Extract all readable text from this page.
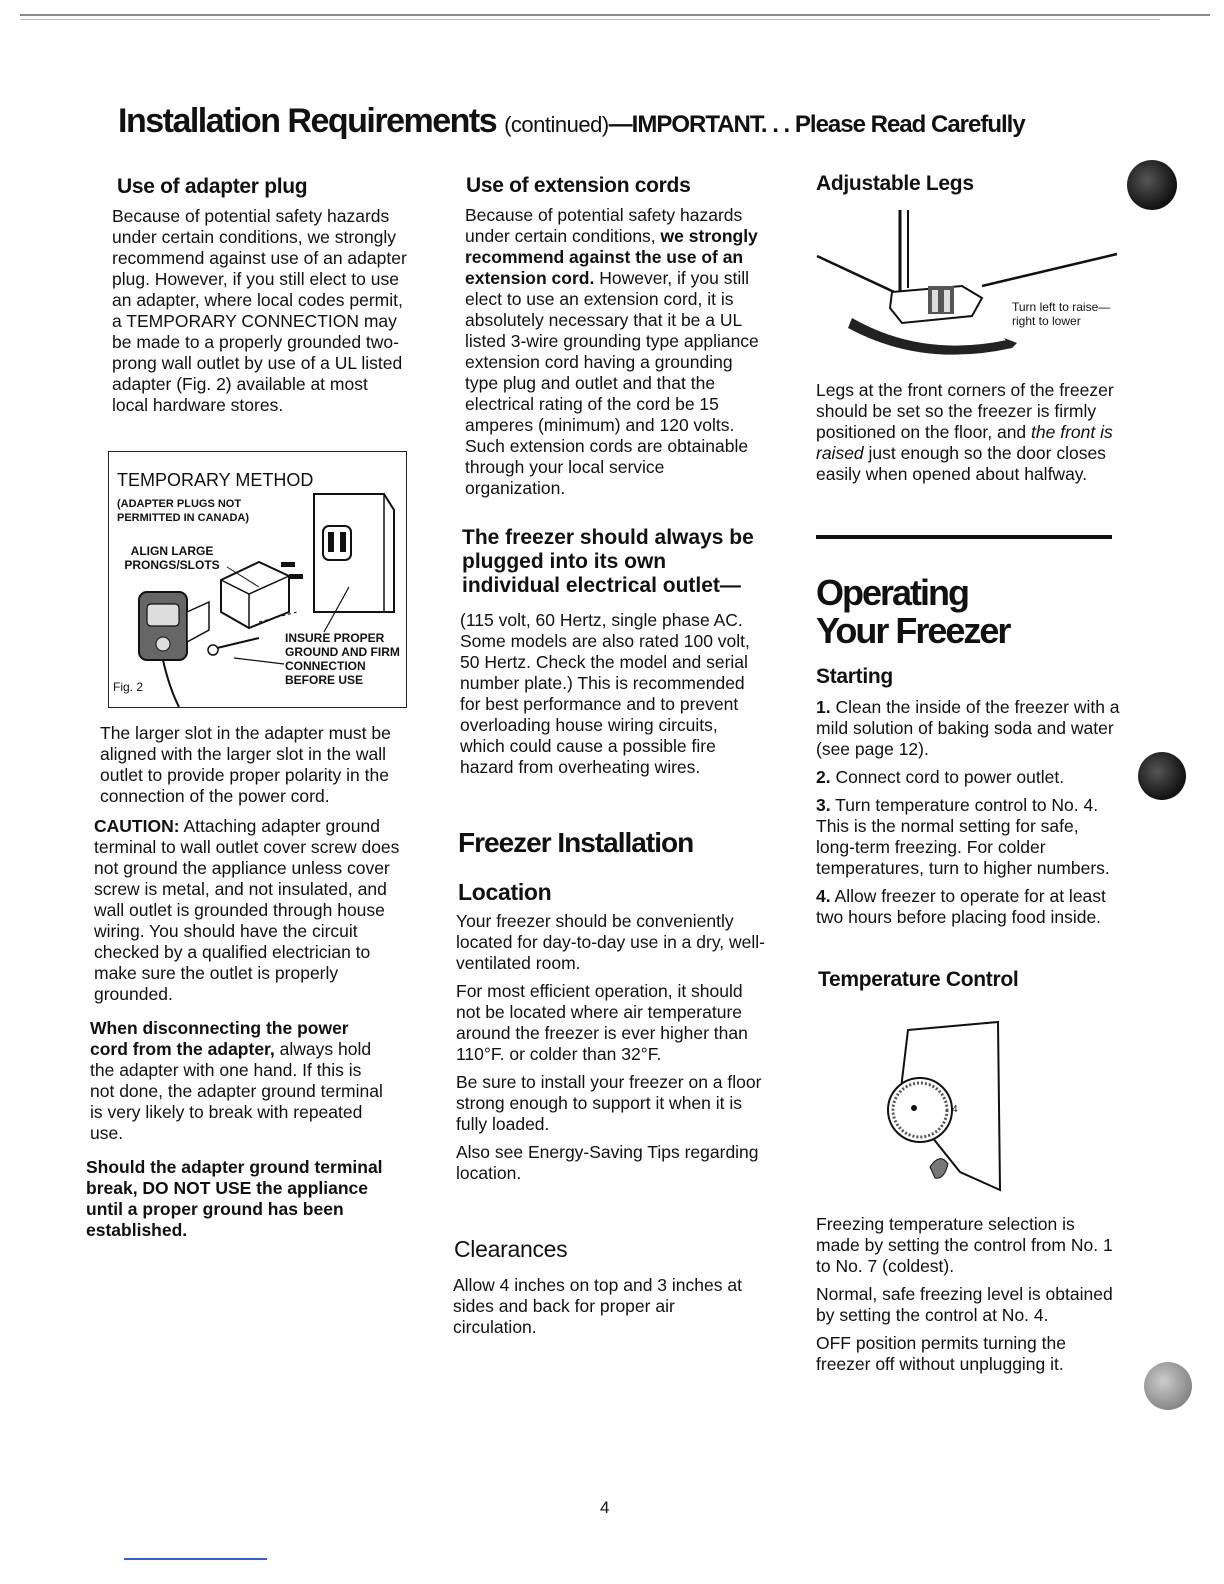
Installation Requirements (continued)—IMPORTANT. . . Please Read Carefully
Use of adapter plug
Because of potential safety hazards under certain conditions, we strongly recommend against use of an adapter plug. However, if you still elect to use an adapter, where local codes permit, a TEMPORARY CONNECTION may be made to a properly grounded two-prong wall outlet by use of a UL listed adapter (Fig. 2) available at most local hardware stores.
TEMPORARY METHOD
(ADAPTER PLUGS NOT PERMITTED IN CANADA)
ALIGN LARGE PRONGS/SLOTS
INSURE PROPER GROUND AND FIRM CONNECTION BEFORE USE
Fig. 2
The larger slot in the adapter must be aligned with the larger slot in the wall outlet to provide proper polarity in the connection of the power cord.
CAUTION: Attaching adapter ground terminal to wall outlet cover screw does not ground the appliance unless cover screw is metal, and not insulated, and wall outlet is grounded through house wiring. You should have the circuit checked by a qualified electrician to make sure the outlet is properly grounded.
When disconnecting the power cord from the adapter, always hold the adapter with one hand. If this is not done, the adapter ground terminal is very likely to break with repeated use.
Should the adapter ground terminal break, DO NOT USE the appliance until a proper ground has been established.
Use of extension cords
Because of potential safety hazards under certain conditions, we strongly recommend against the use of an extension cord. However, if you still elect to use an extension cord, it is absolutely necessary that it be a UL listed 3-wire grounding type appliance extension cord having a grounding type plug and outlet and that the electrical rating of the cord be 15 amperes (minimum) and 120 volts. Such extension cords are obtainable through your local service organization.
The freezer should always be plugged into its own individual electrical outlet—
(115 volt, 60 Hertz, single phase AC. Some models are also rated 100 volt, 50 Hertz. Check the model and serial number plate.) This is recommended for best performance and to prevent overloading house wiring circuits, which could cause a possible fire hazard from overheating wires.
Freezer Installation
Location

Your freezer should be conveniently located for day-to-day use in a dry, well-ventilated room.

For most efficient operation, it should not be located where air temperature around the freezer is ever higher than 110°F. or colder than 32°F.

Be sure to install your freezer on a floor strong enough to support it when it is fully loaded.

Also see Energy-Saving Tips regarding location.

Clearances
Allow 4 inches on top and 3 inches at sides and back for proper air circulation.
Adjustable Legs
Turn left to raise— right to lower
Legs at the front corners of the freezer should be set so the freezer is firmly positioned on the floor, and the front is raised just enough so the door closes easily when opened about halfway.
Operating Your Freezer
Starting

1. Clean the inside of the freezer with a mild solution of baking soda and water (see page 12).

2. Connect cord to power outlet.

3. Turn temperature control to No. 4. This is the normal setting for safe, long-term freezing. For colder temperatures, turn to higher numbers.

4. Allow freezer to operate for at least two hours before placing food inside.

Temperature Control
4

Freezing temperature selection is made by setting the control from No. 1 to No. 7 (coldest).

Normal, safe freezing level is obtained by setting the control at No. 4.

OFF position permits turning the freezer off without unplugging it.

4
